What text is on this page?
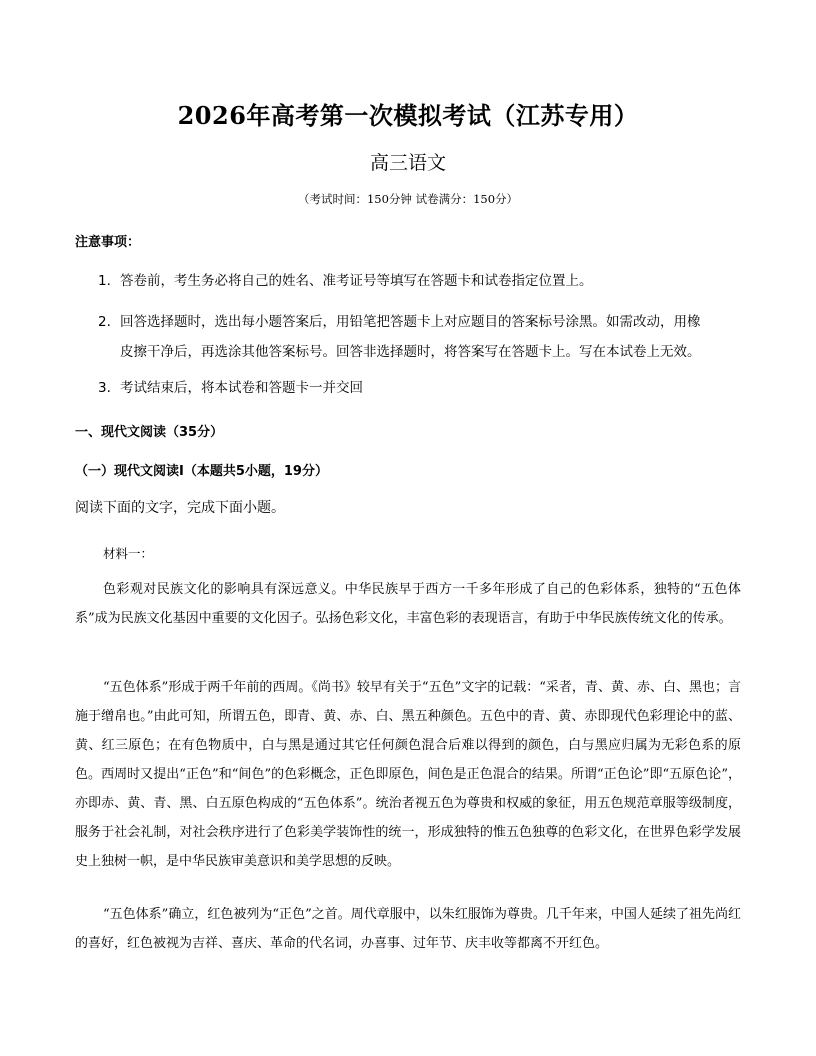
2026年高考第一次模拟考试（江苏专用）
高三语文
（考试时间：150分钟 试卷满分：150分）
注意事项：
1. 答卷前，考生务必将自己的姓名、准考证号等填写在答题卡和试卷指定位置上。
2. 回答选择题时，选出每小题答案后，用铅笔把答题卡上对应题目的答案标号涂黑。如需改动，用橡
皮擦干净后，再选涂其他答案标号。回答非选择题时，将答案写在答题卡上。写在本试卷上无效。
3. 考试结束后，将本试卷和答题卡一并交回
一、现代文阅读（35分）
（一）现代文阅读Ⅰ（本题共5小题，19分）
阅读下面的文字，完成下面小题。
材料一：
色彩观对民族文化的影响具有深远意义。中华民族早于西方一千多年形成了自己的色彩体系，独特的“五色体系”成为民族文化基因中重要的文化因子。弘扬色彩文化，丰富色彩的表现语言，有助于中华民族传统文化的传承。
“五色体系”形成于两千年前的西周。《尚书》较早有关于“五色”文字的记载：“采者，青、黄、赤、白、黑也；言施于缯帛也。”由此可知，所谓五色，即青、黄、赤、白、黑五种颜色。五色中的青、黄、赤即现代色彩理论中的蓝、黄、红三原色；在有色物质中，白与黑是通过其它任何颜色混合后难以得到的颜色，白与黑应归属为无彩色系的原色。西周时又提出“正色”和“间色”的色彩概念，正色即原色，间色是正色混合的结果。所谓“正色论”即“五原色论”，亦即赤、黄、青、黑、白五原色构成的“五色体系”。统治者视五色为尊贵和权威的象征，用五色规范章服等级制度，服务于社会礼制，对社会秩序进行了色彩美学装饰性的统一，形成独特的惟五色独尊的色彩文化，在世界色彩学发展史上独树一帜，是中华民族审美意识和美学思想的反映。
“五色体系”确立，红色被列为“正色”之首。周代章服中，以朱红服饰为尊贵。几千年来，中国人延续了祖先尚红的喜好，红色被视为吉祥、喜庆、革命的代名词，办喜事、过年节、庆丰收等都离不开红色。
